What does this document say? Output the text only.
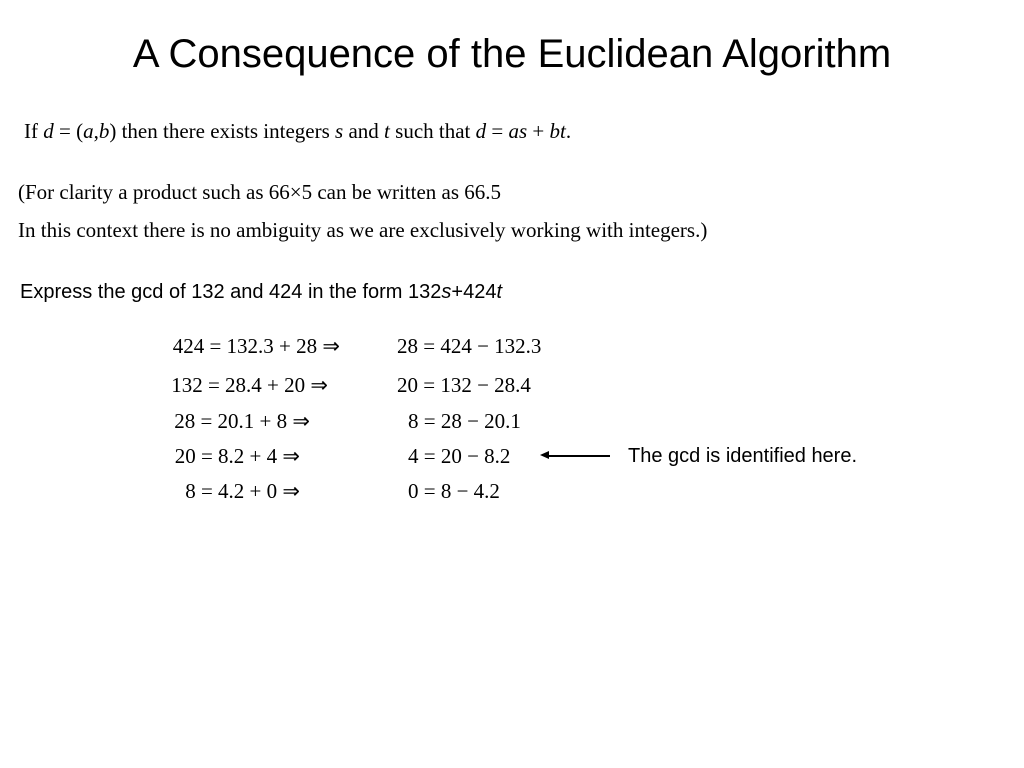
A Consequence of the Euclidean Algorithm
If d = (a,b) then there exists integers s and t such that d = as + bt.
(For clarity a product such as 66×5 can be written as 66.5
In this context there is no ambiguity as we are exclusively working with integers.)
Express the gcd of 132 and 424 in the form 132s+424t
424 = 132.3 + 28 ⇒	28 = 424 − 132.3
132 = 28.4 + 20 ⇒	20 = 132 − 28.4
28 = 20.1 + 8 ⇒	8 = 28 − 20.1
20 = 8.2 + 4 ⇒	4 = 20 − 8.2
8 = 4.2 + 0 ⇒	0 = 8 − 4.2
The gcd is identified here.
